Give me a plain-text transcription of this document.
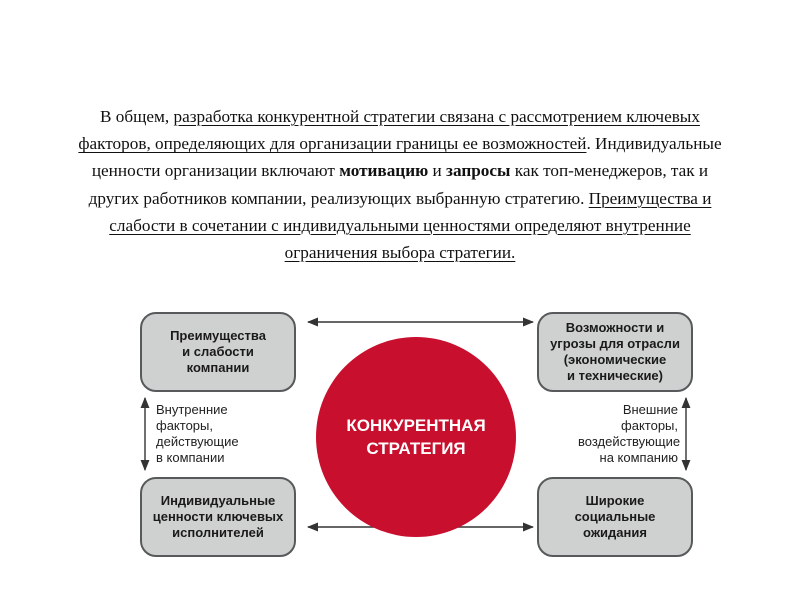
В общем, разработка конкурентной стратегии связана с рассмотрением ключевых факторов, определяющих для организации границы ее возможностей. Индивидуальные ценности организации включают мотивацию и запросы как топ-менеджеров, так и других работников компании, реализующих выбранную стратегию. Преимущества и слабости в сочетании с индивидуальными ценностями определяют внутренние ограничения выбора стратегии.

Преимущества
и слабости
компании
Возможности и
угрозы для отрасли
(экономические
и технические)
Индивидуальные
ценности ключевых
исполнителей
Широкие
социальные
ожидания
Внутренние
факторы,
действующие
в компании
Внешние
факторы,
воздействующие
на компанию
КОНКУРЕНТНАЯ
СТРАТЕГИЯ
